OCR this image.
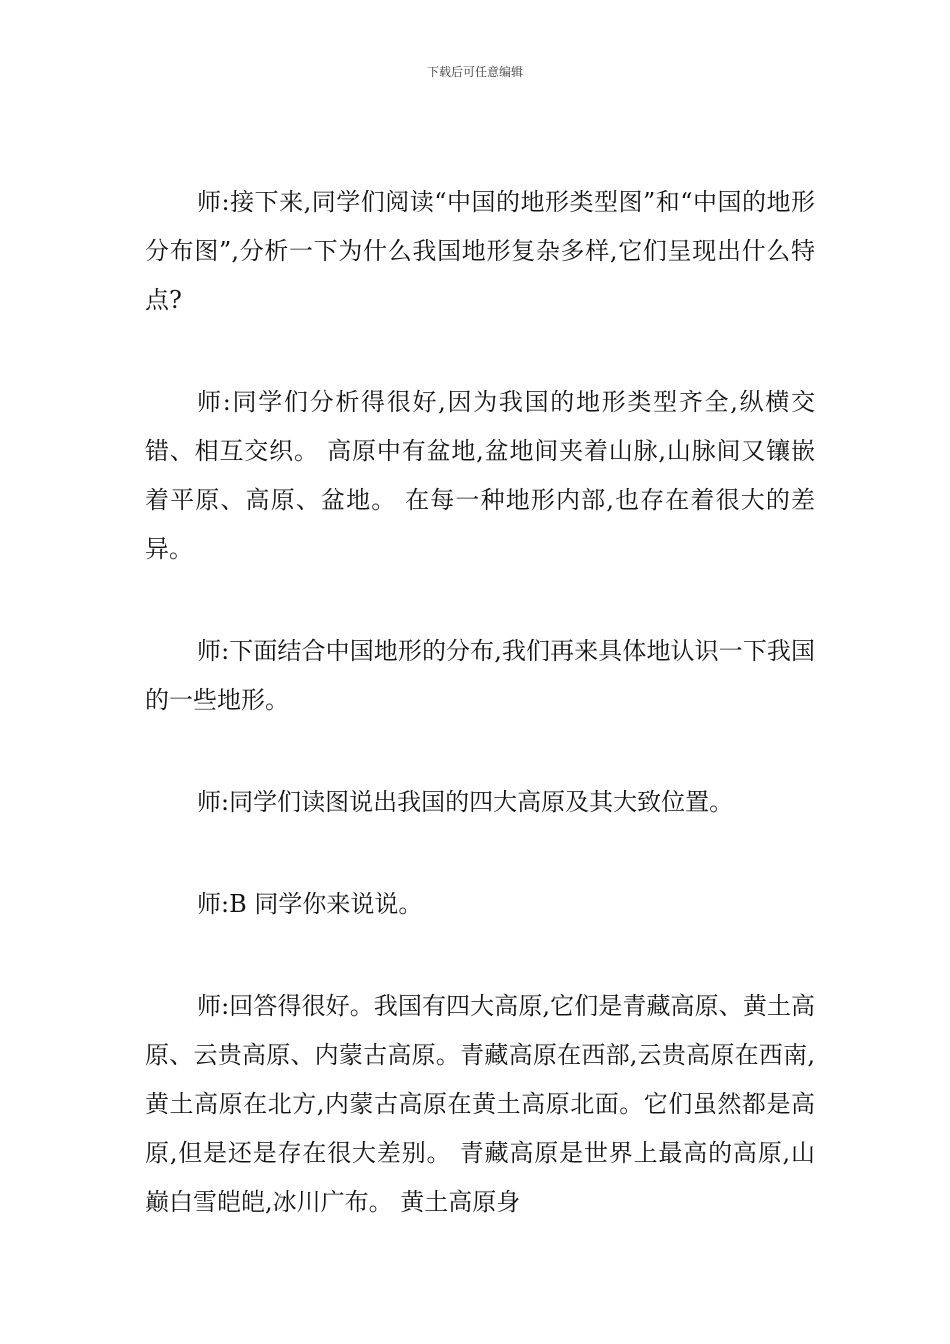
下载后可任意编辑

师:接下来,同学们阅读“中国的地形类型图”和“中国的地形分布图”,分析一下为什么我国地形复杂多样,它们呈现出什么特点?

师:同学们分析得很好,因为我国的地形类型齐全,纵横交错、相互交织。 高原中有盆地,盆地间夹着山脉,山脉间又镶嵌着平原、高原、盆地。 在每一种地形内部,也存在着很大的差异。

师:下面结合中国地形的分布,我们再来具体地认识一下我国的一些地形。

师:同学们读图说出我国的四大高原及其大致位置。

师:B 同学你来说说。

师:回答得很好。我国有四大高原,它们是青藏高原、黄土高原、云贵高原、内蒙古高原。青藏高原在西部,云贵高原在西南,黄土高原在北方,内蒙古高原在黄土高原北面。它们虽然都是高原,但是还是存在很大差别。 青藏高原是世界上最高的高原,山巅白雪皑皑,冰川广布。 黄土高原身
